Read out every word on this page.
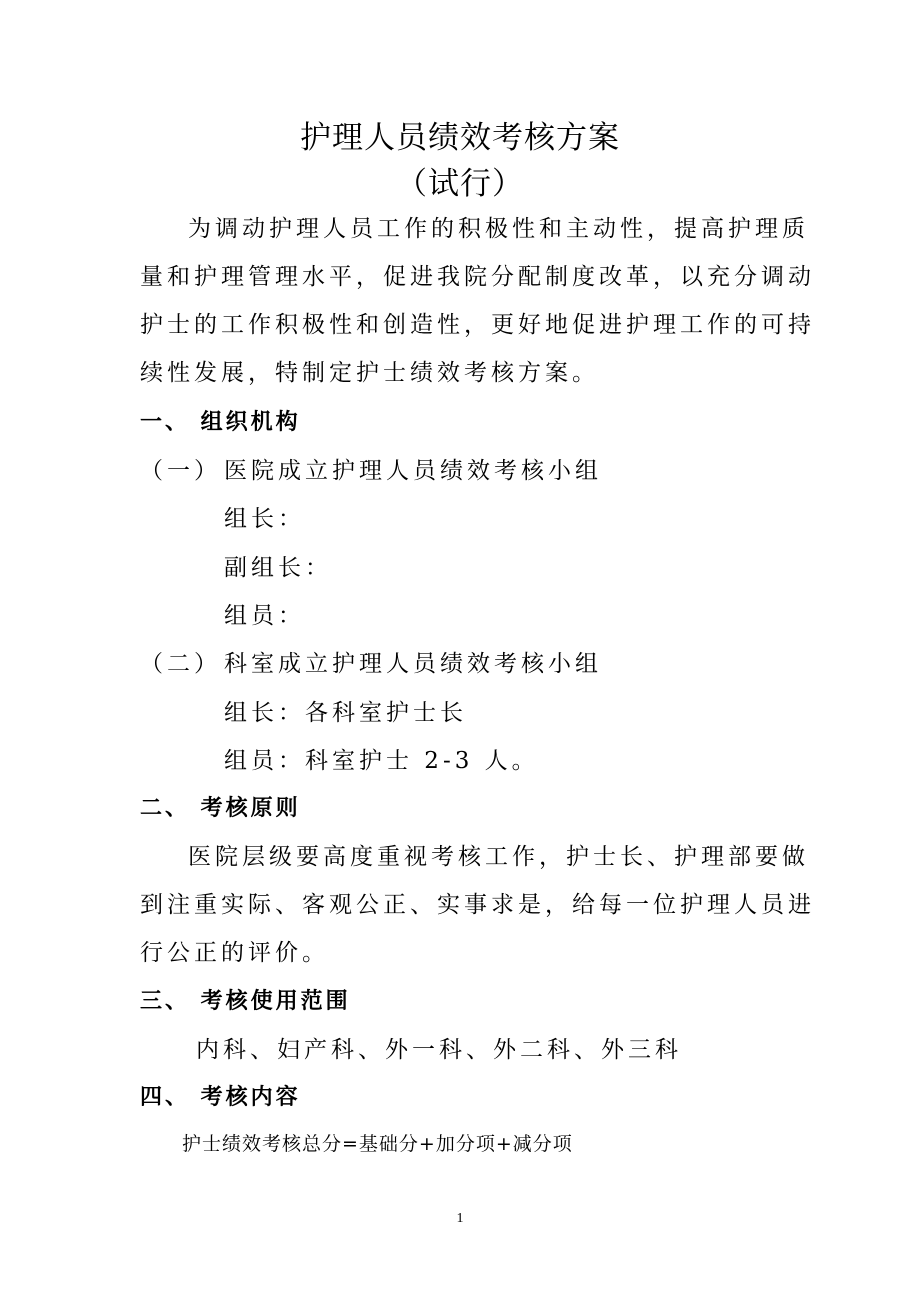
护理人员绩效考核方案
（试行）
为调动护理人员工作的积极性和主动性，提高护理质
量和护理管理水平，促进我院分配制度改革，以充分调动
护士的工作积极性和创造性，更好地促进护理工作的可持
续性发展，特制定护士绩效考核方案。
一、 组织机构
（一） 医院成立护理人员绩效考核小组
组长：
副组长：
组员：
（二） 科室成立护理人员绩效考核小组
组长：各科室护士长
组员：科室护士 2-3 人。
二、 考核原则
医院层级要高度重视考核工作，护士长、护理部要做
到注重实际、客观公正、实事求是，给每一位护理人员进
行公正的评价。
三、 考核使用范围
内科、妇产科、外一科、外二科、外三科
四、 考核内容
护士绩效考核总分=基础分+加分项+减分项
1
